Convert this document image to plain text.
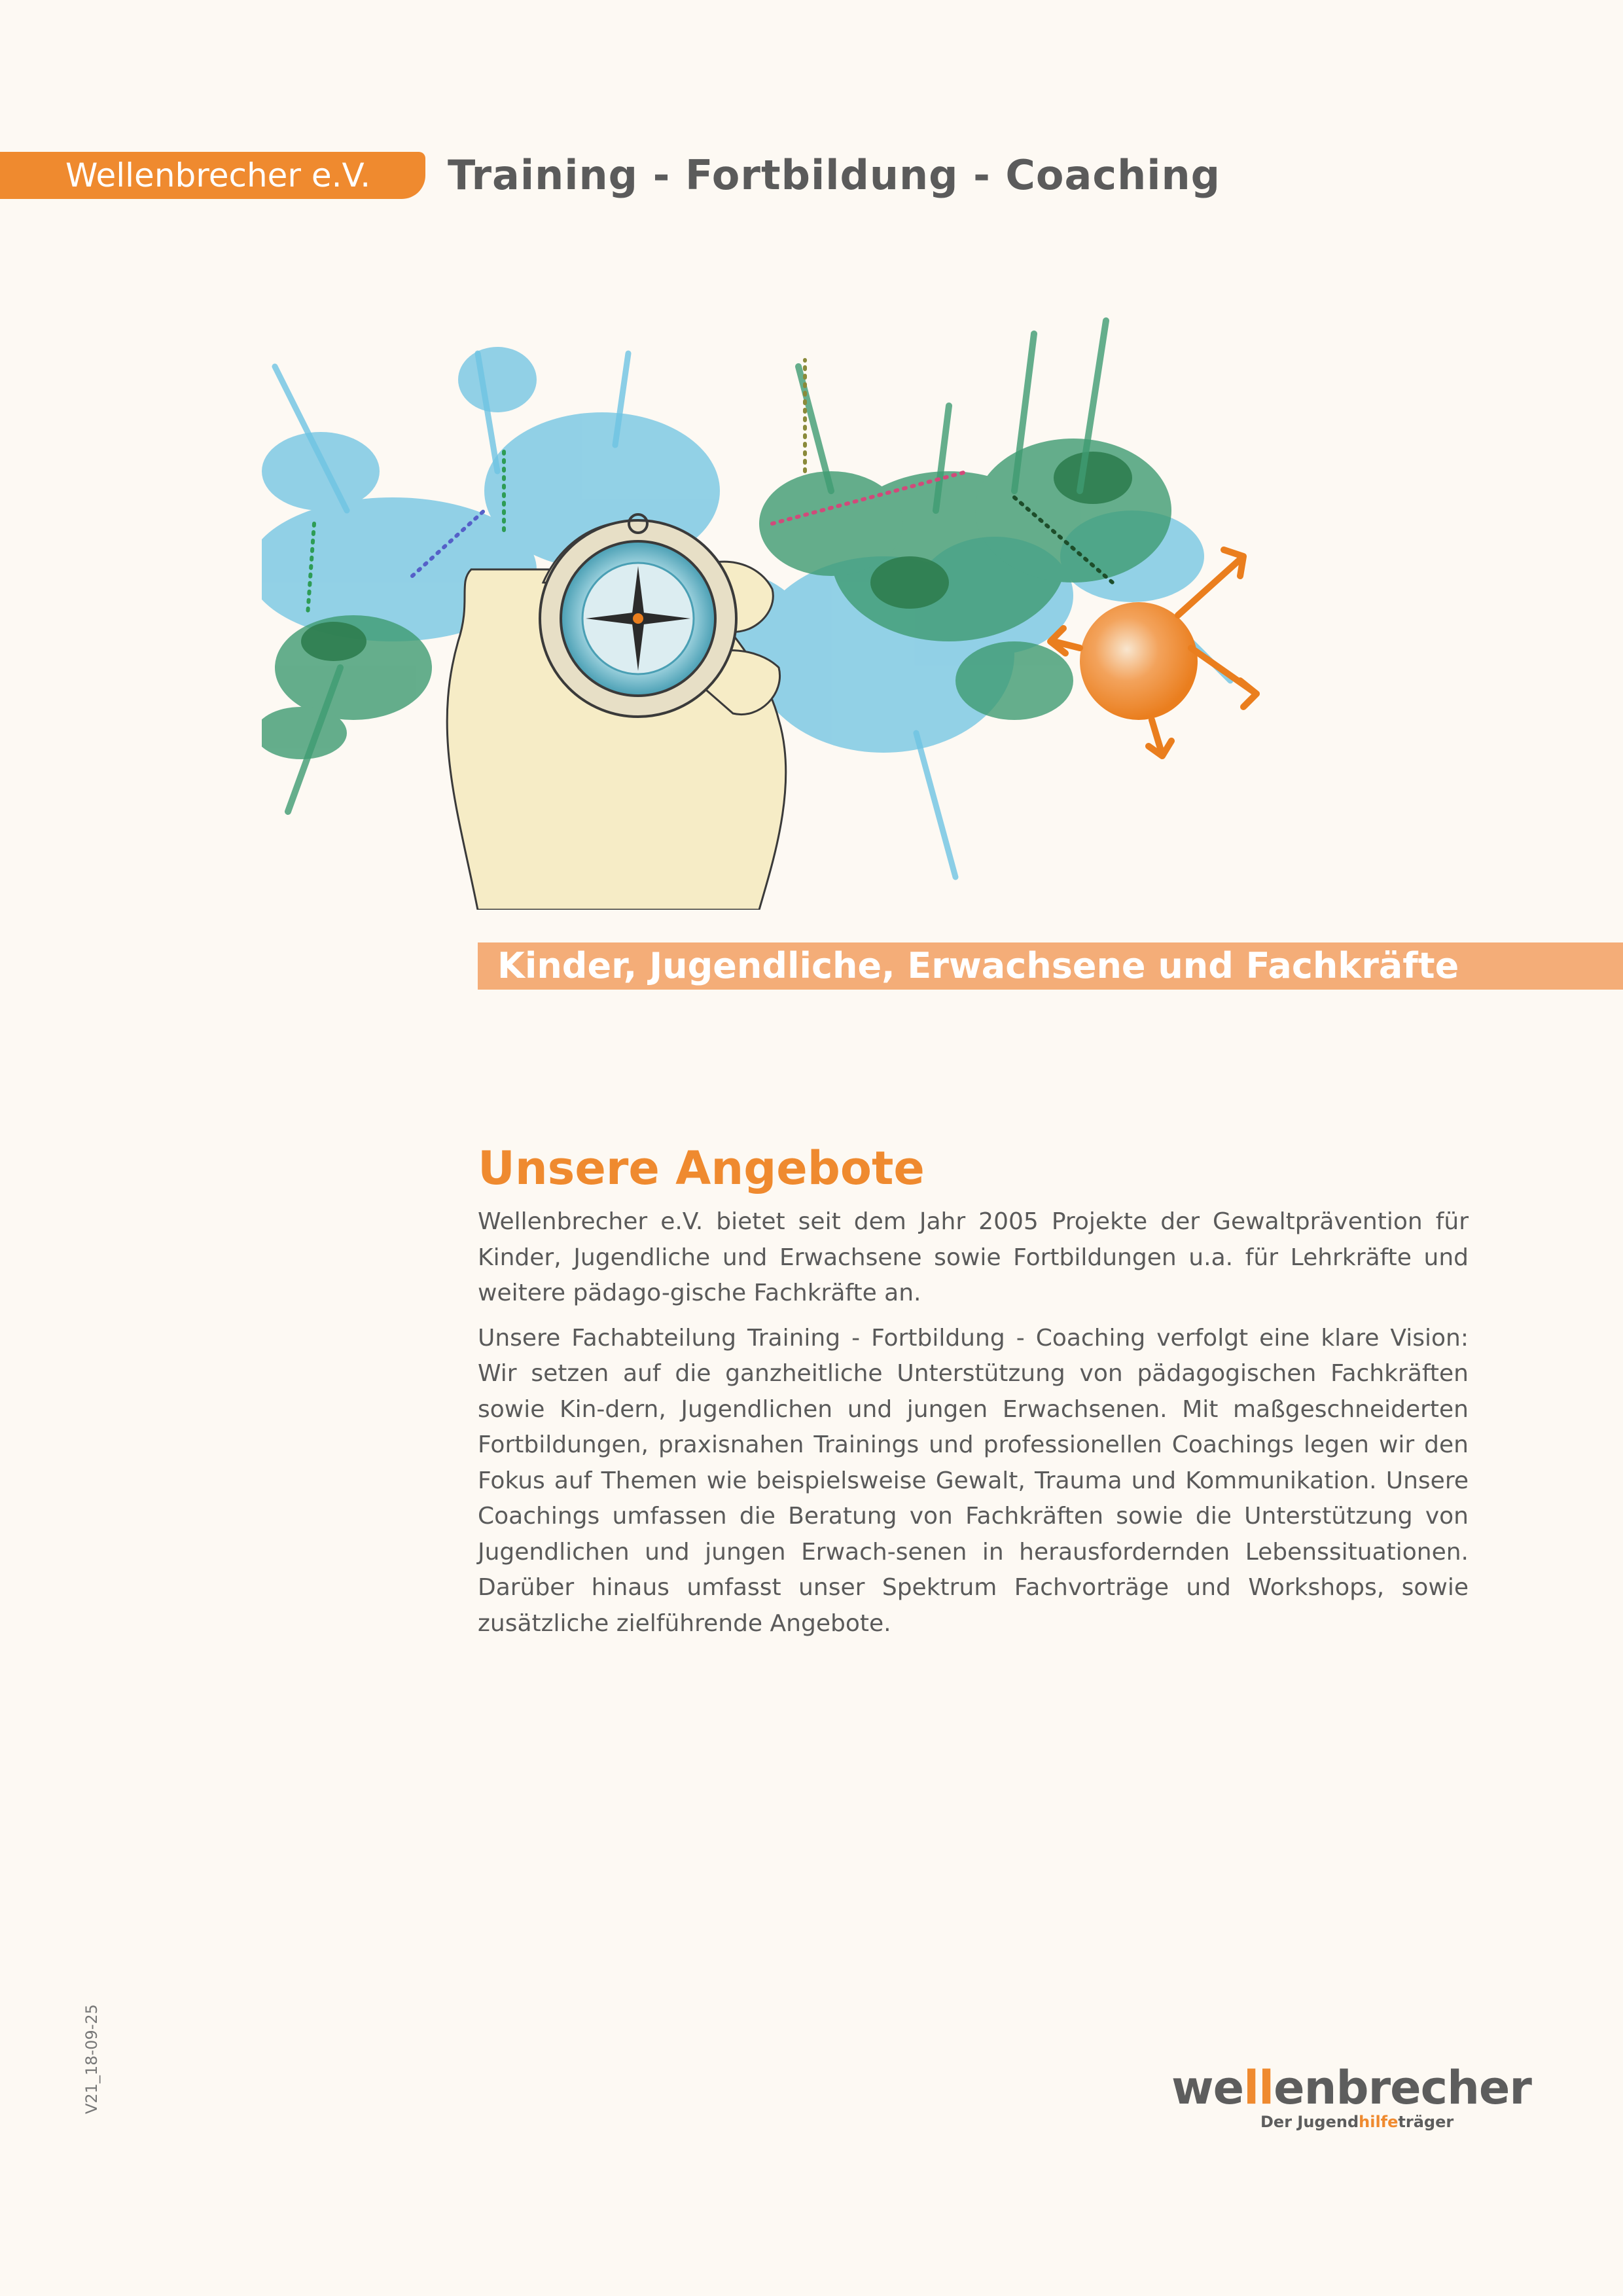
Wellenbrecher e.V.	Training - Fortbildung - Coaching
Kinder, Jugendliche, Erwachsene und Fachkräfte
Unsere Angebote

Wellenbrecher e.V. bietet seit dem Jahr 2005 Projekte der Gewaltprävention für Kinder, Jugendliche und Erwachsene sowie Fortbildungen u.a. für Lehrkräfte und weitere pädago-gische Fachkräfte an.

Unsere Fachabteilung Training - Fortbildung - Coaching verfolgt eine klare Vision: Wir setzen auf die ganzheitliche Unterstützung von pädagogischen Fachkräften sowie Kin-dern, Jugendlichen und jungen Erwachsenen. Mit maßgeschneiderten Fortbildungen, praxisnahen Trainings und professionellen Coachings legen wir den Fokus auf Themen wie beispielsweise Gewalt, Trauma und Kommunikation. Unsere Coachings umfassen die Beratung von Fachkräften sowie die Unterstützung von Jugendlichen und jungen Erwach-senen in herausfordernden Lebenssituationen. Darüber hinaus umfasst unser Spektrum Fachvorträge und Workshops, sowie zusätzliche zielführende Angebote.

V21_18-09-25	wellenbrecher
Der Jugendhilfeträger
